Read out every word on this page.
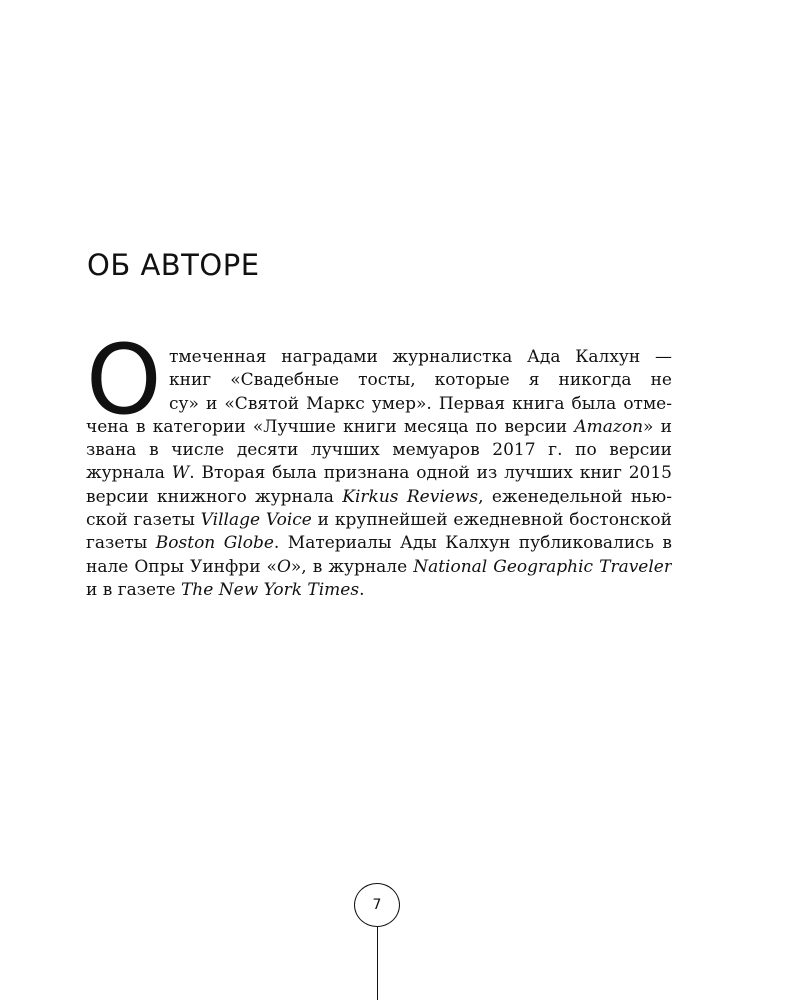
ОБ АВТОРЕ
О тмеченная наградами журналистка Ада Калхун —
книг «Свадебные тосты, которые я никогда не
су» и «Святой Маркс умер». Первая книга была отме-
чена в категории «Лучшие книги месяца по версии Amazon» и
звана в числе десяти лучших мемуаров 2017 г. по версии
журнала W. Вторая была признана одной из лучших книг 2015
версии книжного журнала Kirkus Reviews, еженедельной нью-
ской газеты Village Voice и крупнейшей ежедневной бостонской
газеты Boston Globe. Материалы Ады Калхун публиковались в
нале Опры Уинфри «O», в журнале National Geographic Traveler
и в газете The New York Times.
7
